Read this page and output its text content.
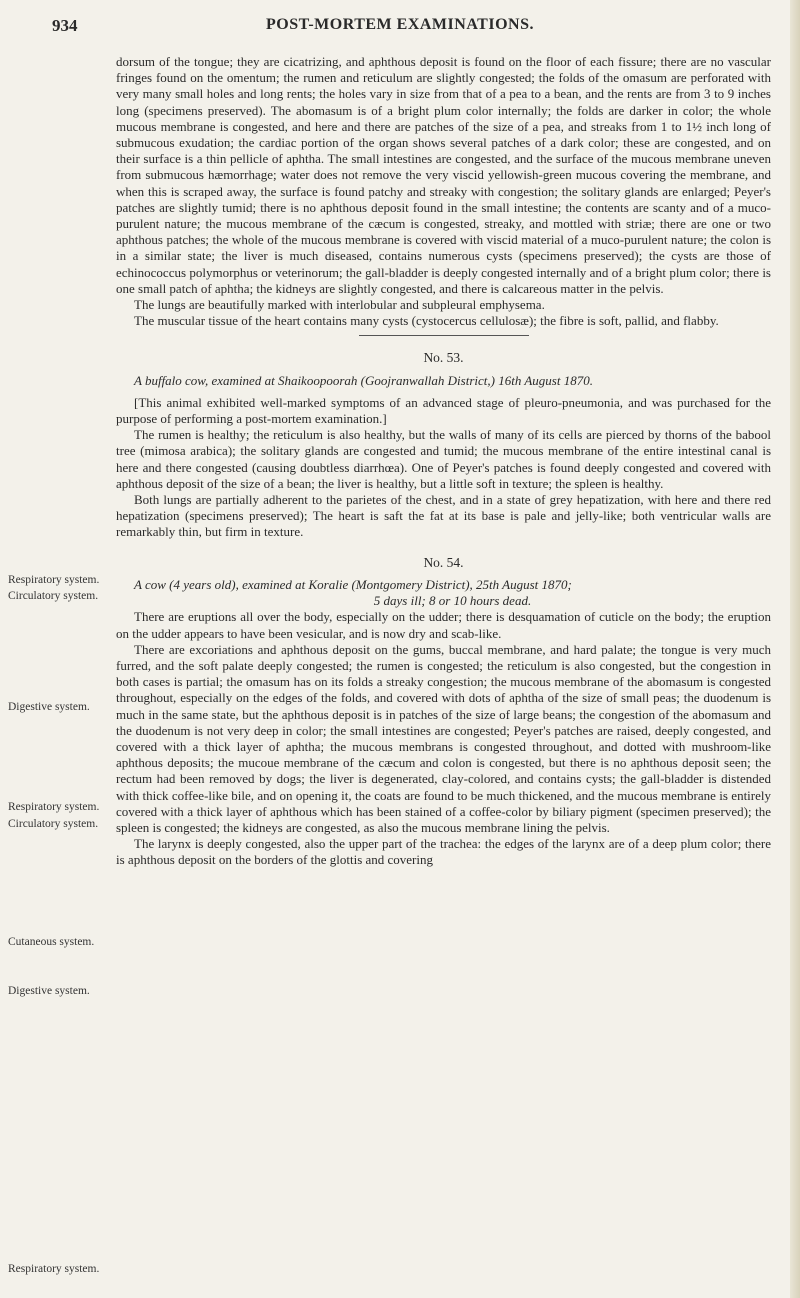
934	POST-MORTEM EXAMINATIONS.
Respiratory system.
Circulatory system.
Digestive system.
Respiratory system.
Circulatory system.
Cutaneous system.
Digestive system.
Respiratory system.

dorsum of the tongue; they are cicatrizing, and aphthous deposit is found on the floor of each fissure; there are no vascular fringes found on the omentum; the rumen and reticulum are slightly congested; the folds of the omasum are perforated with very many small holes and long rents; the holes vary in size from that of a pea to a bean, and the rents are from 3 to 9 inches long (specimens preserved). The abomasum is of a bright plum color internally; the folds are darker in color; the whole mucous membrane is congested, and here and there are patches of the size of a pea, and streaks from 1 to 1½ inch long of submucous exudation; the cardiac portion of the organ shows several patches of a dark color; these are congested, and on their surface is a thin pellicle of aphtha. The small intestines are congested, and the surface of the mucous membrane uneven from submucous hæmorrhage; water does not remove the very viscid yellowish-green mucous covering the membrane, and when this is scraped away, the surface is found patchy and streaky with congestion; the solitary glands are enlarged; Peyer's patches are slightly tumid; there is no aphthous deposit found in the small intestine; the contents are scanty and of a muco-purulent nature; the mucous membrane of the cæcum is congested, streaky, and mottled with striæ; there are one or two aphthous patches; the whole of the mucous membrane is covered with viscid material of a muco-purulent nature; the colon is in a similar state; the liver is much diseased, contains numerous cysts (specimens preserved); the cysts are those of echinococcus polymorphus or veterinorum; the gall-bladder is deeply congested internally and of a bright plum color; there is one small patch of aphtha; the kidneys are slightly congested, and there is calcareous matter in the pelvis.

The lungs are beautifully marked with interlobular and subpleural emphysema.

The muscular tissue of the heart contains many cysts (cystocercus cellulosæ); the fibre is soft, pallid, and flabby.

No. 53.

A buffalo cow, examined at Shaikoopoorah (Goojranwallah District,) 16th August 1870.

[This animal exhibited well-marked symptoms of an advanced stage of pleuro-pneumonia, and was purchased for the purpose of performing a post-mortem examination.]

The rumen is healthy; the reticulum is also healthy, but the walls of many of its cells are pierced by thorns of the babool tree (mimosa arabica); the solitary glands are congested and tumid; the mucous membrane of the entire intestinal canal is here and there congested (causing doubtless diarrhœa). One of Peyer's patches is found deeply congested and covered with aphthous deposit of the size of a bean; the liver is healthy, but a little soft in texture; the spleen is healthy.

Both lungs are partially adherent to the parietes of the chest, and in a state of grey hepatization, with here and there red hepatization (specimens preserved); The heart is saft the fat at its base is pale and jelly-like; both ventricular walls are remarkably thin, but firm in texture.

No. 54.

A cow (4 years old), examined at Koralie (Montgomery District), 25th August 1870;

5 days ill; 8 or 10 hours dead.

There are eruptions all over the body, especially on the udder; there is desquamation of cuticle on the body; the eruption on the udder appears to have been vesicular, and is now dry and scab-like.

There are excoriations and aphthous deposit on the gums, buccal membrane, and hard palate; the tongue is very much furred, and the soft palate deeply congested; the rumen is congested; the reticulum is also congested, but the congestion in both cases is partial; the omasum has on its folds a streaky congestion; the mucous membrane of the abomasum is congested throughout, especially on the edges of the folds, and covered with dots of aphtha of the size of small peas; the duodenum is much in the same state, but the aphthous deposit is in patches of the size of large beans; the congestion of the abomasum and the duodenum is not very deep in color; the small intestines are congested; Peyer's patches are raised, deeply congested, and covered with a thick layer of aphtha; the mucous membrans is congested throughout, and dotted with mushroom-like aphthous deposits; the mucoue membrane of the cæcum and colon is congested, but there is no aphthous deposit seen; the rectum had been removed by dogs; the liver is degenerated, clay-colored, and contains cysts; the gall-bladder is distended with thick coffee-like bile, and on opening it, the coats are found to be much thickened, and the mucous membrane is entirely covered with a thick layer of aphthous which has been stained of a coffee-color by biliary pigment (specimen preserved); the spleen is congested; the kidneys are congested, as also the mucous membrane lining the pelvis.

The larynx is deeply congested, also the upper part of the trachea: the edges of the larynx are of a deep plum color; there is aphthous deposit on the borders of the glottis and covering
